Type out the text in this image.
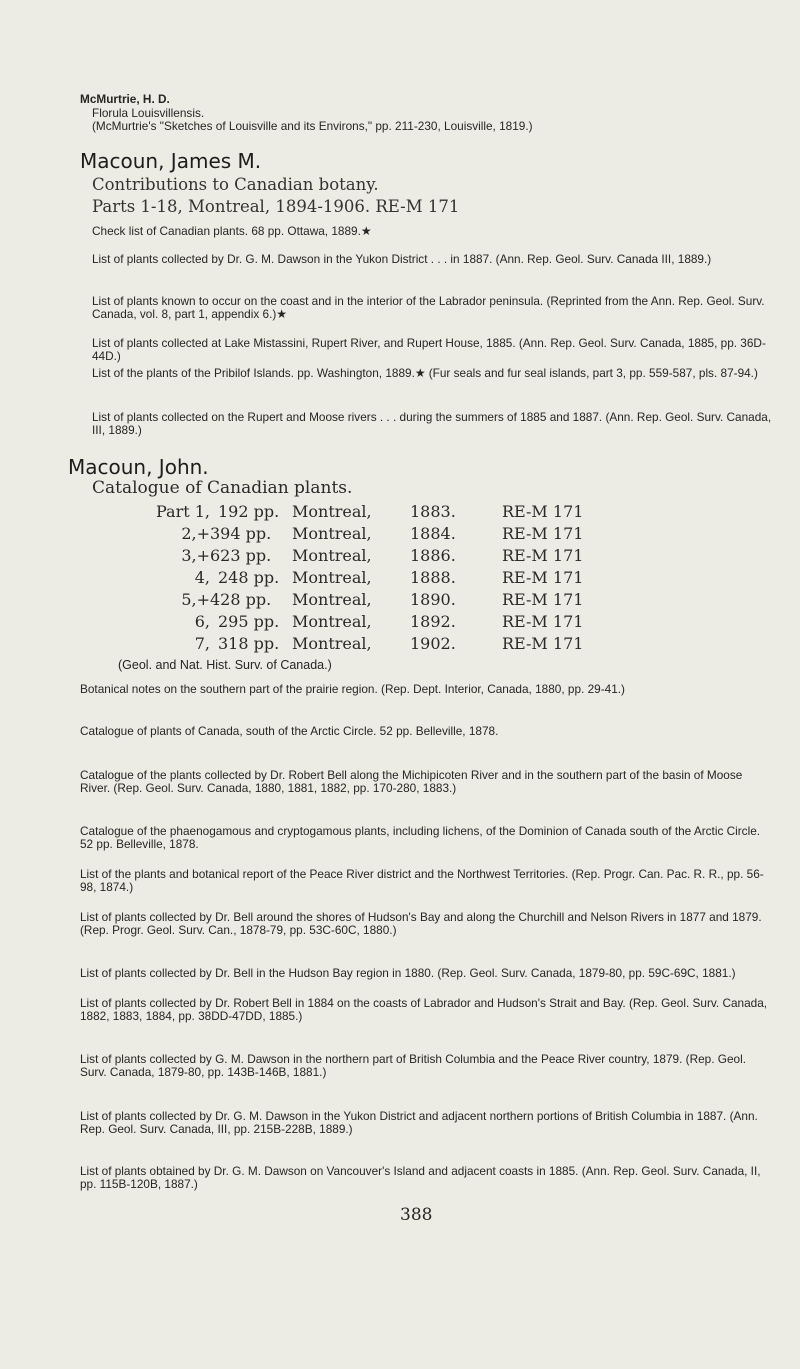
McMurtrie, H. D.
Florula Louisvillensis.
(McMurtrie's "Sketches of Louisville and its Environs," pp. 211-230, Louisville, 1819.)
Macoun, James M.
Contributions to Canadian botany.
Parts 1-18, Montreal, 1894-1906. RE-M 171
Check list of Canadian plants. 68 pp. Ottawa, 1889.★
List of plants collected by Dr. G. M. Dawson in the Yukon District . . . in 1887. (Ann. Rep. Geol. Surv. Canada III, 1889.)
List of plants known to occur on the coast and in the interior of the Labrador peninsula. (Reprinted from the Ann. Rep. Geol. Surv. Canada, vol. 8, part 1, appendix 6.)★
List of plants collected at Lake Mistassini, Rupert River, and Rupert House, 1885. (Ann. Rep. Geol. Surv. Canada, 1885, pp. 36D-44D.)
List of the plants of the Pribilof Islands. pp. Washington, 1889.★ (Fur seals and fur seal islands, part 3, pp. 559-587, pls. 87-94.)
List of plants collected on the Rupert and Moose rivers . . . during the summers of 1885 and 1887. (Ann. Rep. Geol. Surv. Canada, III, 1889.)
Macoun, John.
Catalogue of Canadian plants.
Part 1,	192 pp.	Montreal,	1883.	RE-M 171
2,+	394 pp.	Montreal,	1884.	RE-M 171
3,+	623 pp.	Montreal,	1886.	RE-M 171
4,	248 pp.	Montreal,	1888.	RE-M 171
5,+	428 pp.	Montreal,	1890.	RE-M 171
6,	295 pp.	Montreal,	1892.	RE-M 171
7,	318 pp.	Montreal,	1902.	RE-M 171
(Geol. and Nat. Hist. Surv. of Canada.)
Botanical notes on the southern part of the prairie region. (Rep. Dept. Interior, Canada, 1880, pp. 29-41.)
Catalogue of plants of Canada, south of the Arctic Circle. 52 pp. Belleville, 1878.
Catalogue of the plants collected by Dr. Robert Bell along the Michipicoten River and in the southern part of the basin of Moose River. (Rep. Geol. Surv. Canada, 1880, 1881, 1882, pp. 170-280, 1883.)
Catalogue of the phaenogamous and cryptogamous plants, including lichens, of the Dominion of Canada south of the Arctic Circle. 52 pp. Belleville, 1878.
List of the plants and botanical report of the Peace River district and the Northwest Territories. (Rep. Progr. Can. Pac. R. R., pp. 56-98, 1874.)
List of plants collected by Dr. Bell around the shores of Hudson's Bay and along the Churchill and Nelson Rivers in 1877 and 1879. (Rep. Progr. Geol. Surv. Can., 1878-79, pp. 53C-60C, 1880.)
List of plants collected by Dr. Bell in the Hudson Bay region in 1880. (Rep. Geol. Surv. Canada, 1879-80, pp. 59C-69C, 1881.)
List of plants collected by Dr. Robert Bell in 1884 on the coasts of Labrador and Hudson's Strait and Bay. (Rep. Geol. Surv. Canada, 1882, 1883, 1884, pp. 38DD-47DD, 1885.)
List of plants collected by G. M. Dawson in the northern part of British Columbia and the Peace River country, 1879. (Rep. Geol. Surv. Canada, 1879-80, pp. 143B-146B, 1881.)
List of plants collected by Dr. G. M. Dawson in the Yukon District and adjacent northern portions of British Columbia in 1887. (Ann. Rep. Geol. Surv. Canada, III, pp. 215B-228B, 1889.)
List of plants obtained by Dr. G. M. Dawson on Vancouver's Island and adjacent coasts in 1885. (Ann. Rep. Geol. Surv. Canada, II, pp. 115B-120B, 1887.)
388
